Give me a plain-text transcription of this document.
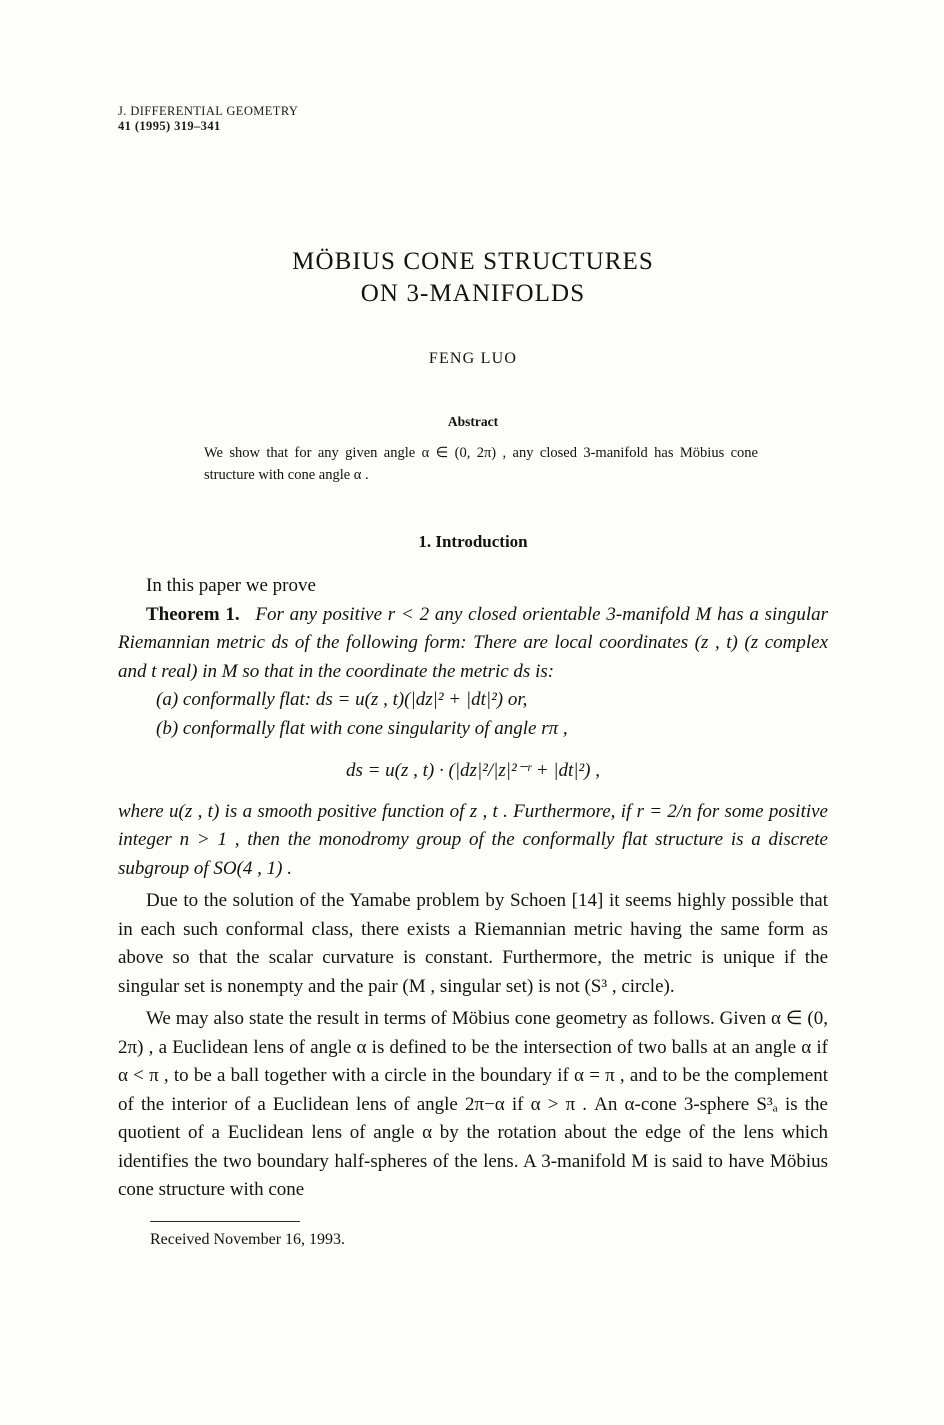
J. DIFFERENTIAL GEOMETRY
41 (1995) 319–341
MÖBIUS CONE STRUCTURES
ON 3-MANIFOLDS
FENG LUO
Abstract
We show that for any given angle α ∈ (0, 2π) , any closed 3-manifold has Möbius cone structure with cone angle α .
1. Introduction

In this paper we prove

Theorem 1. For any positive r < 2 any closed orientable 3-manifold M has a singular Riemannian metric ds of the following form: There are local coordinates (z , t) (z complex and t real) in M so that in the coordinate the metric ds is:

(a) conformally flat: ds = u(z , t)(|dz|² + |dt|²) or,

(b) conformally flat with cone singularity of angle rπ ,

ds = u(z , t) · (|dz|²/|z|²⁻ʳ + |dt|²) ,

where u(z , t) is a smooth positive function of z , t . Furthermore, if r = 2/n for some positive integer n > 1 , then the monodromy group of the conformally flat structure is a discrete subgroup of SO(4 , 1) .

Due to the solution of the Yamabe problem by Schoen [14] it seems highly possible that in each such conformal class, there exists a Riemannian metric having the same form as above so that the scalar curvature is constant. Furthermore, the metric is unique if the singular set is nonempty and the pair (M , singular set) is not (S³ , circle).

We may also state the result in terms of Möbius cone geometry as follows. Given α ∈ (0, 2π) , a Euclidean lens of angle α is defined to be the intersection of two balls at an angle α if α < π , to be a ball together with a circle in the boundary if α = π , and to be the complement of the interior of a Euclidean lens of angle 2π−α if α > π . An α-cone 3-sphere S³ₐ is the quotient of a Euclidean lens of angle α by the rotation about the edge of the lens which identifies the two boundary half-spheres of the lens. A 3-manifold M is said to have Möbius cone structure with cone

Received November 16, 1993.
